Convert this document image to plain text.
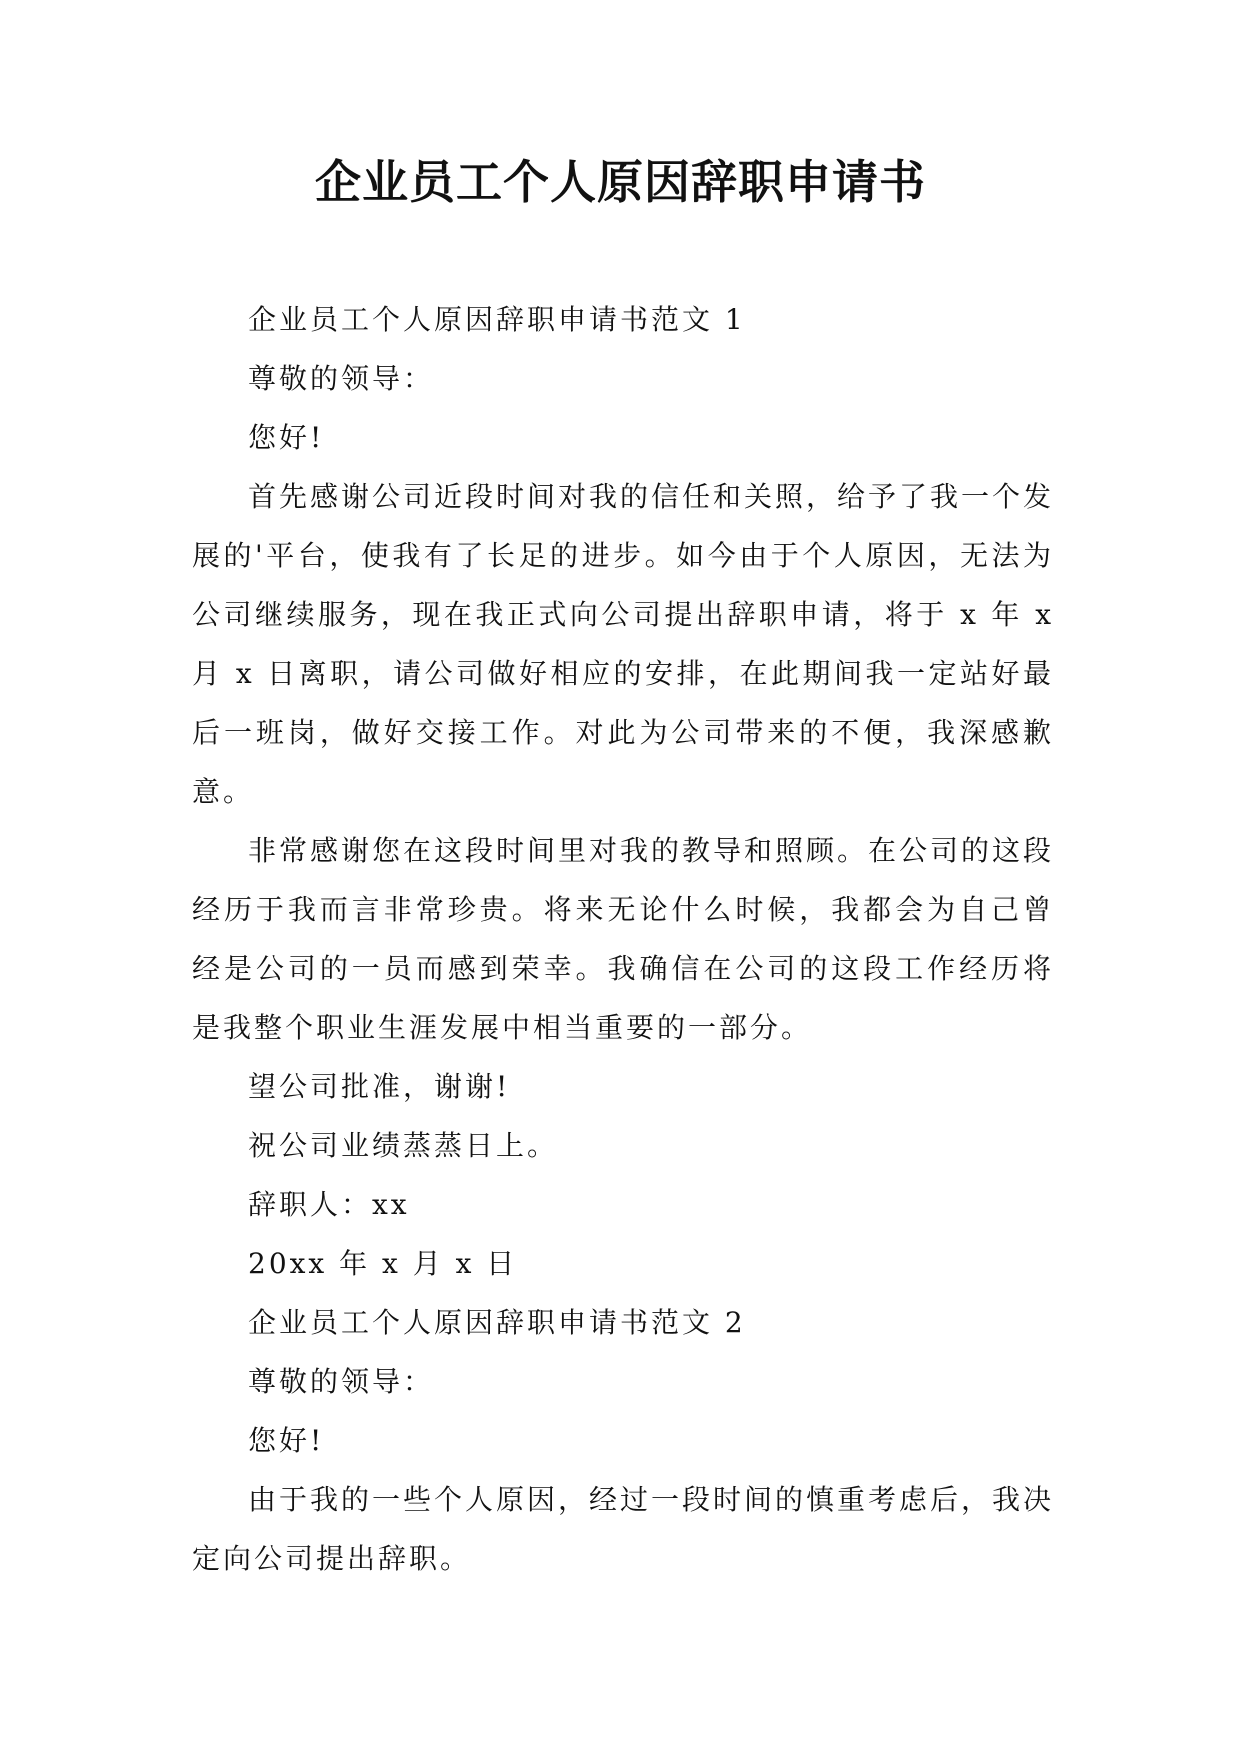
企业员工个人原因辞职申请书

企业员工个人原因辞职申请书范文 1

尊敬的领导：

您好!

首先感谢公司近段时间对我的信任和关照，给予了我一个发展的'平台，使我有了长足的进步。如今由于个人原因，无法为公司继续服务，现在我正式向公司提出辞职申请，将于 x 年 x 月 x 日离职，请公司做好相应的安排，在此期间我一定站好最后一班岗，做好交接工作。对此为公司带来的不便，我深感歉意。

非常感谢您在这段时间里对我的教导和照顾。在公司的这段经历于我而言非常珍贵。将来无论什么时候，我都会为自己曾经是公司的一员而感到荣幸。我确信在公司的这段工作经历将是我整个职业生涯发展中相当重要的一部分。

望公司批准，谢谢!

祝公司业绩蒸蒸日上。

辞职人：xx

20xx 年 x 月 x 日

企业员工个人原因辞职申请书范文 2

尊敬的领导：

您好!

由于我的一些个人原因，经过一段时间的慎重考虑后，我决定向公司提出辞职。
